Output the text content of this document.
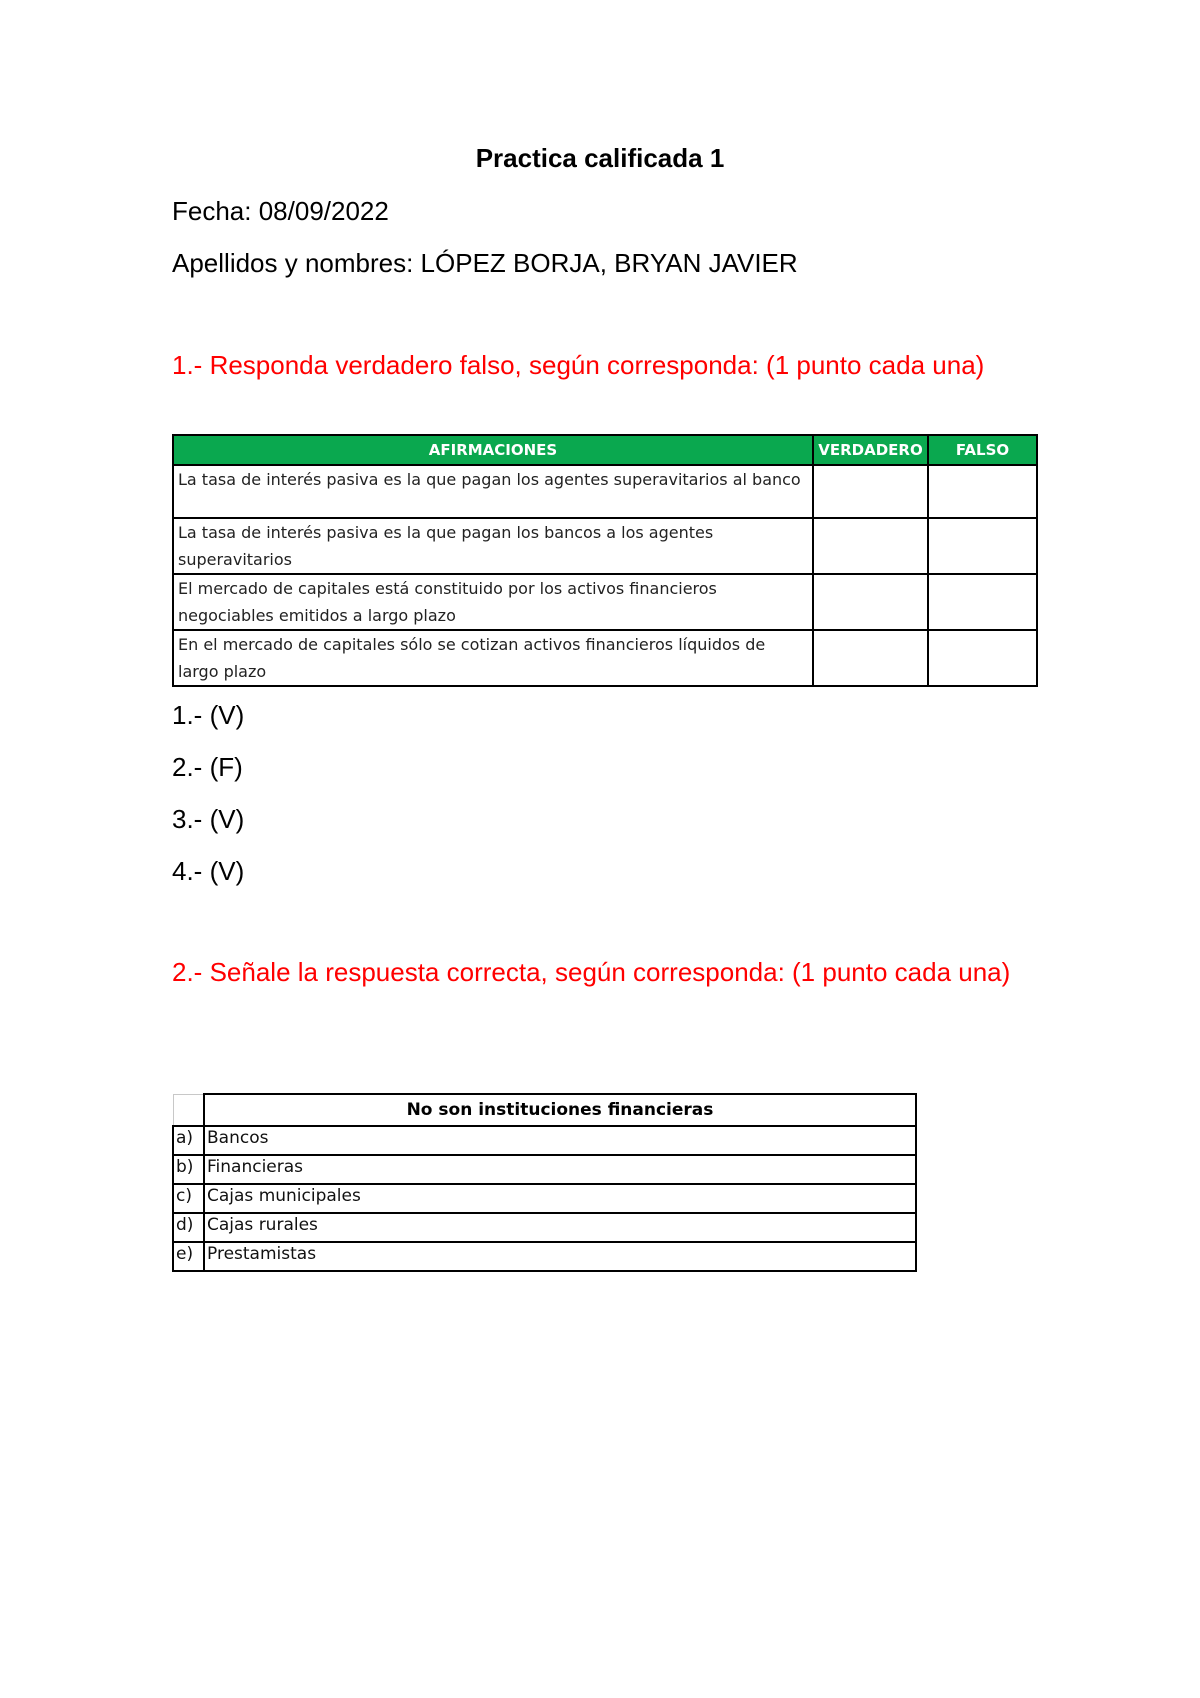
Practica calificada 1
Fecha: 08/09/2022
Apellidos y nombres: LÓPEZ BORJA, BRYAN JAVIER
1.- Responda verdadero falso, según corresponda: (1 punto cada una)
AFIRMACIONES	VERDADERO	FALSO
La tasa de interés pasiva es la que pagan los agentes superavitarios al banco		
La tasa de interés pasiva es la que pagan los bancos a los agentes superavitarios		
El mercado de capitales está constituido por los activos financieros negociables emitidos a largo plazo		
En el mercado de capitales sólo se cotizan activos financieros líquidos de largo plazo		
1.- (V)
2.- (F)
3.- (V)
4.- (V)
2.- Señale la respuesta correcta, según corresponda: (1 punto cada una)
	No son instituciones financieras
a)	Bancos
b)	Financieras
c)	Cajas municipales
d)	Cajas rurales
e)	Prestamistas
